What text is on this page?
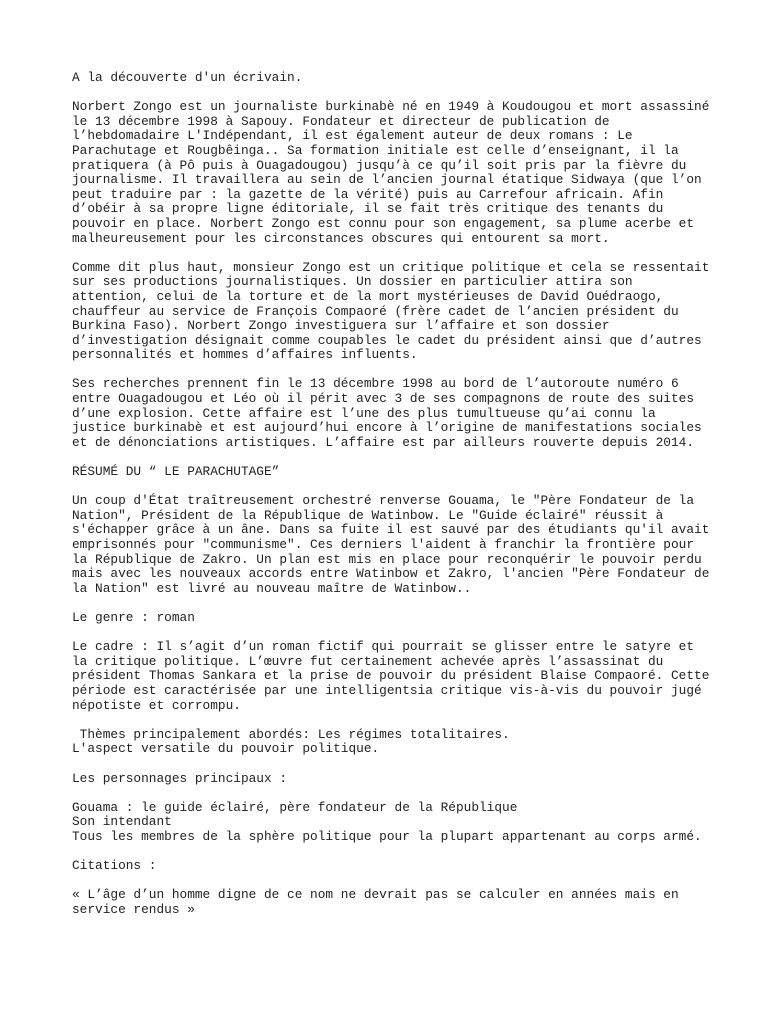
A la découverte d'un écrivain.
Norbert Zongo est un journaliste burkinabè né en 1949 à Koudougou et mort assassiné
le 13 décembre 1998 à Sapouy. Fondateur et directeur de publication de
l’hebdomadaire L'Indépendant, il est également auteur de deux romans : Le
Parachutage et Rougbêinga.. Sa formation initiale est celle d’enseignant, il la
pratiquera (à Pô puis à Ouagadougou) jusqu’à ce qu’il soit pris par la fièvre du
journalisme. Il travaillera au sein de l’ancien journal étatique Sidwaya (que l’on
peut traduire par : la gazette de la vérité) puis au Carrefour africain. Afin
d’obéir à sa propre ligne éditoriale, il se fait très critique des tenants du
pouvoir en place. Norbert Zongo est connu pour son engagement, sa plume acerbe et
malheureusement pour les circonstances obscures qui entourent sa mort.
Comme dit plus haut, monsieur Zongo est un critique politique et cela se ressentait
sur ses productions journalistiques. Un dossier en particulier attira son
attention, celui de la torture et de la mort mystérieuses de David Ouédraogo,
chauffeur au service de François Compaoré (frère cadet de l’ancien président du
Burkina Faso). Norbert Zongo investiguera sur l’affaire et son dossier
d’investigation désignait comme coupables le cadet du président ainsi que d’autres
personnalités et hommes d’affaires influents.
Ses recherches prennent fin le 13 décembre 1998 au bord de l’autoroute numéro 6
entre Ouagadougou et Léo où il périt avec 3 de ses compagnons de route des suites
d’une explosion. Cette affaire est l’une des plus tumultueuse qu’ai connu la
justice burkinabè et est aujourd’hui encore à l’origine de manifestations sociales
et de dénonciations artistiques. L’affaire est par ailleurs rouverte depuis 2014.
RÉSUMÉ DU “ LE PARACHUTAGE”
Un coup d'État traîtreusement orchestré renverse Gouama, le "Père Fondateur de la
Nation", Président de la République de Watinbow. Le "Guide éclairé" réussit à
s'échapper grâce à un âne. Dans sa fuite il est sauvé par des étudiants qu'il avait
emprisonnés pour "communisme". Ces derniers l'aident à franchir la frontière pour
la République de Zakro. Un plan est mis en place pour reconquérir le pouvoir perdu
mais avec les nouveaux accords entre Watinbow et Zakro, l'ancien "Père Fondateur de
la Nation" est livré au nouveau maître de Watinbow..
Le genre : roman
Le cadre : Il s’agit d’un roman fictif qui pourrait se glisser entre le satyre et
la critique politique. L’œuvre fut certainement achevée après l’assassinat du
président Thomas Sankara et la prise de pouvoir du président Blaise Compaoré. Cette
période est caractérisée par une intelligentsia critique vis-à-vis du pouvoir jugé
népotiste et corrompu.
Thèmes principalement abordés: Les régimes totalitaires.
L'aspect versatile du pouvoir politique.
Les personnages principaux :
Gouama : le guide éclairé, père fondateur de la République
Son intendant
Tous les membres de la sphère politique pour la plupart appartenant au corps armé.
Citations :
« L’âge d’un homme digne de ce nom ne devrait pas se calculer en années mais en
service rendus »
